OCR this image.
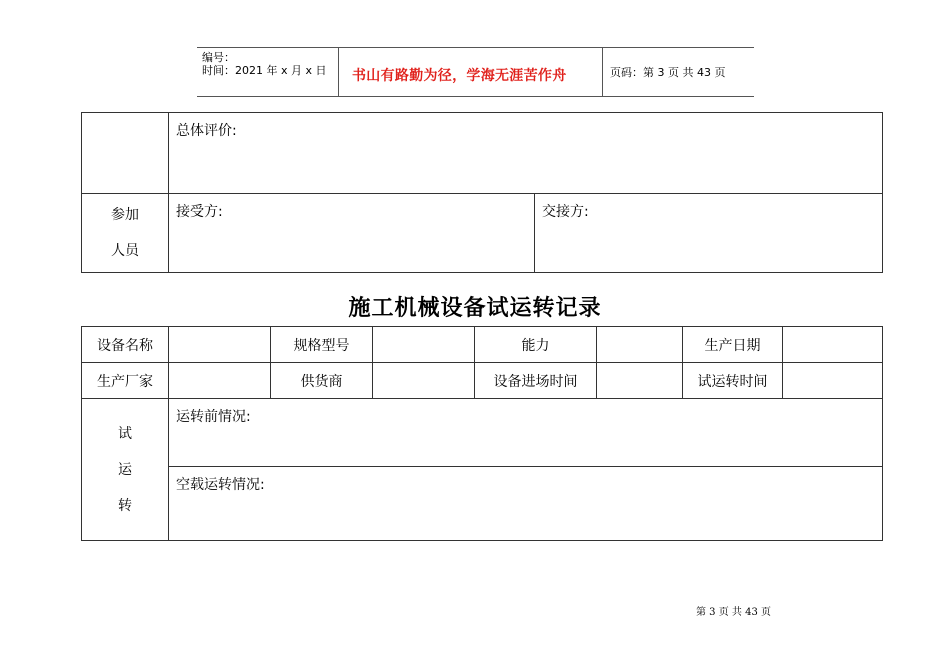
编号：
时间：2021 年 x 月 x 日 书山有路勤为径，学海无涯苦作舟	页码：第 3 页 共 43 页

	总体评价:	

参加
人员	接受方:	交接方:
施工机械设备试运转记录
设备名称		规格型号		能力		生产日期	
生产厂家		供货商		设备进场时间		试运转时间	

试
运
转	运转前情况:						

	空载运转情况:						
第 3 页 共 43 页
